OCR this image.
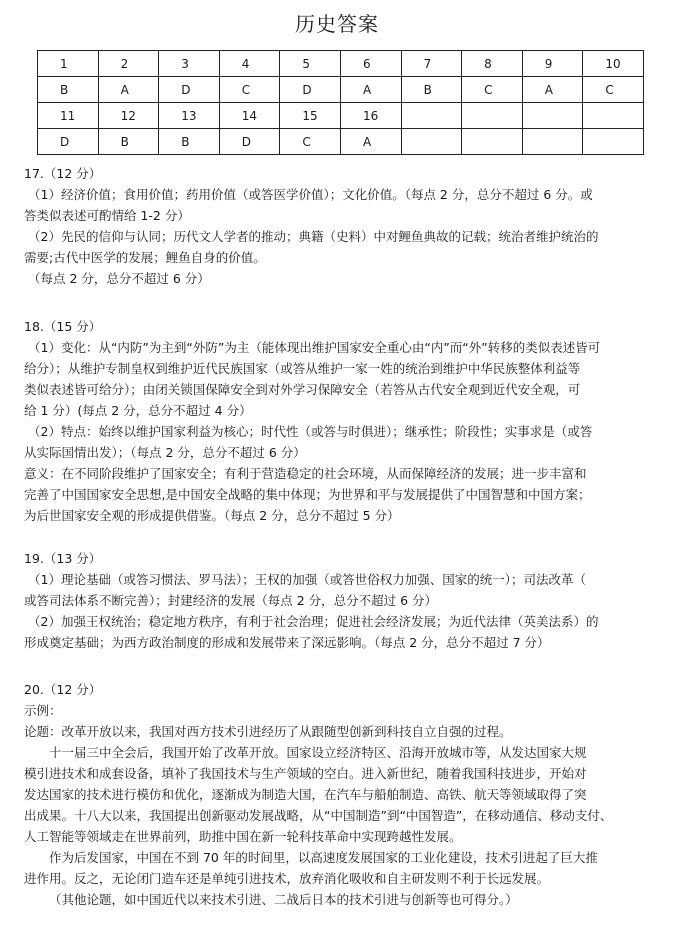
历史答案
1	2	3	4	5	6	7	8	9	10
B	A	D	C	D	A	B	C	A	C
11	12	13	14	15	16				
D	B	B	D	C	A				

17.（12 分）

（1）经济价值；食用价值；药用价值（或答医学价值）；文化价值。（每点 2 分，总分不超过 6 分。或

答类似表述可酌情给 1-2 分）

（2）先民的信仰与认同；历代文人学者的推动；典籍（史料）中对鲤鱼典故的记载；统治者维护统治的

需要;古代中医学的发展；鲤鱼自身的价值。

（每点 2 分，总分不超过 6 分）

18.（15 分）

（1）变化：从“内防”为主到“外防”为主（能体现出维护国家安全重心由“内”而“外”转移的类似表述皆可

给分）；从维护专制皇权到维护近代民族国家（或答从维护一家一姓的统治到维护中华民族整体利益等

类似表述皆可给分）；由闭关锁国保障安全到对外学习保障安全（若答从古代安全观到近代安全观，可

给 1 分）(每点 2 分，总分不超过 4 分）

（2）特点：始终以维护国家利益为核心；时代性（或答与时俱进）；继承性；阶段性；实事求是（或答

从实际国情出发）；（每点 2 分，总分不超过 6 分）

意义：在不同阶段维护了国家安全；有利于营造稳定的社会环境，从而保障经济的发展；进一步丰富和

完善了中国国家安全思想,是中国安全战略的集中体现；为世界和平与发展提供了中国智慧和中国方案；

为后世国家安全观的形成提供借鉴。（每点 2 分，总分不超过 5 分）

19.（13 分）

（1）理论基础（或答习惯法、罗马法）；王权的加强（或答世俗权力加强、国家的统一）；司法改革（

或答司法体系不断完善）；封建经济的发展（每点 2 分，总分不超过 6 分）

（2）加强王权统治；稳定地方秩序，有利于社会治理；促进社会经济发展；为近代法律（英美法系）的

形成奠定基础；为西方政治制度的形成和发展带来了深远影响。（每点 2 分，总分不超过 7 分）

20.（12 分）

示例：

论题：改革开放以来，我国对西方技术引进经历了从跟随型创新到科技自立自强的过程。

十一届三中全会后，我国开始了改革开放。国家设立经济特区、沿海开放城市等，从发达国家大规

模引进技术和成套设备，填补了我国技术与生产领域的空白。进入新世纪，随着我国科技进步，开始对

发达国家的技术进行模仿和优化，逐渐成为制造大国，在汽车与船舶制造、高铁、航天等领域取得了突

出成果。十八大以来，我国提出创新驱动发展战略，从“中国制造”到“中国智造”，在移动通信、移动支付、

人工智能等领域走在世界前列，助推中国在新一轮科技革命中实现跨越性发展。

作为后发国家，中国在不到 70 年的时间里，以高速度发展国家的工业化建设，技术引进起了巨大推

进作用。反之，无论闭门造车还是单纯引进技术，放弃消化吸收和自主研发则不利于长远发展。

（其他论题，如中国近代以来技术引进、二战后日本的技术引进与创新等也可得分。）
